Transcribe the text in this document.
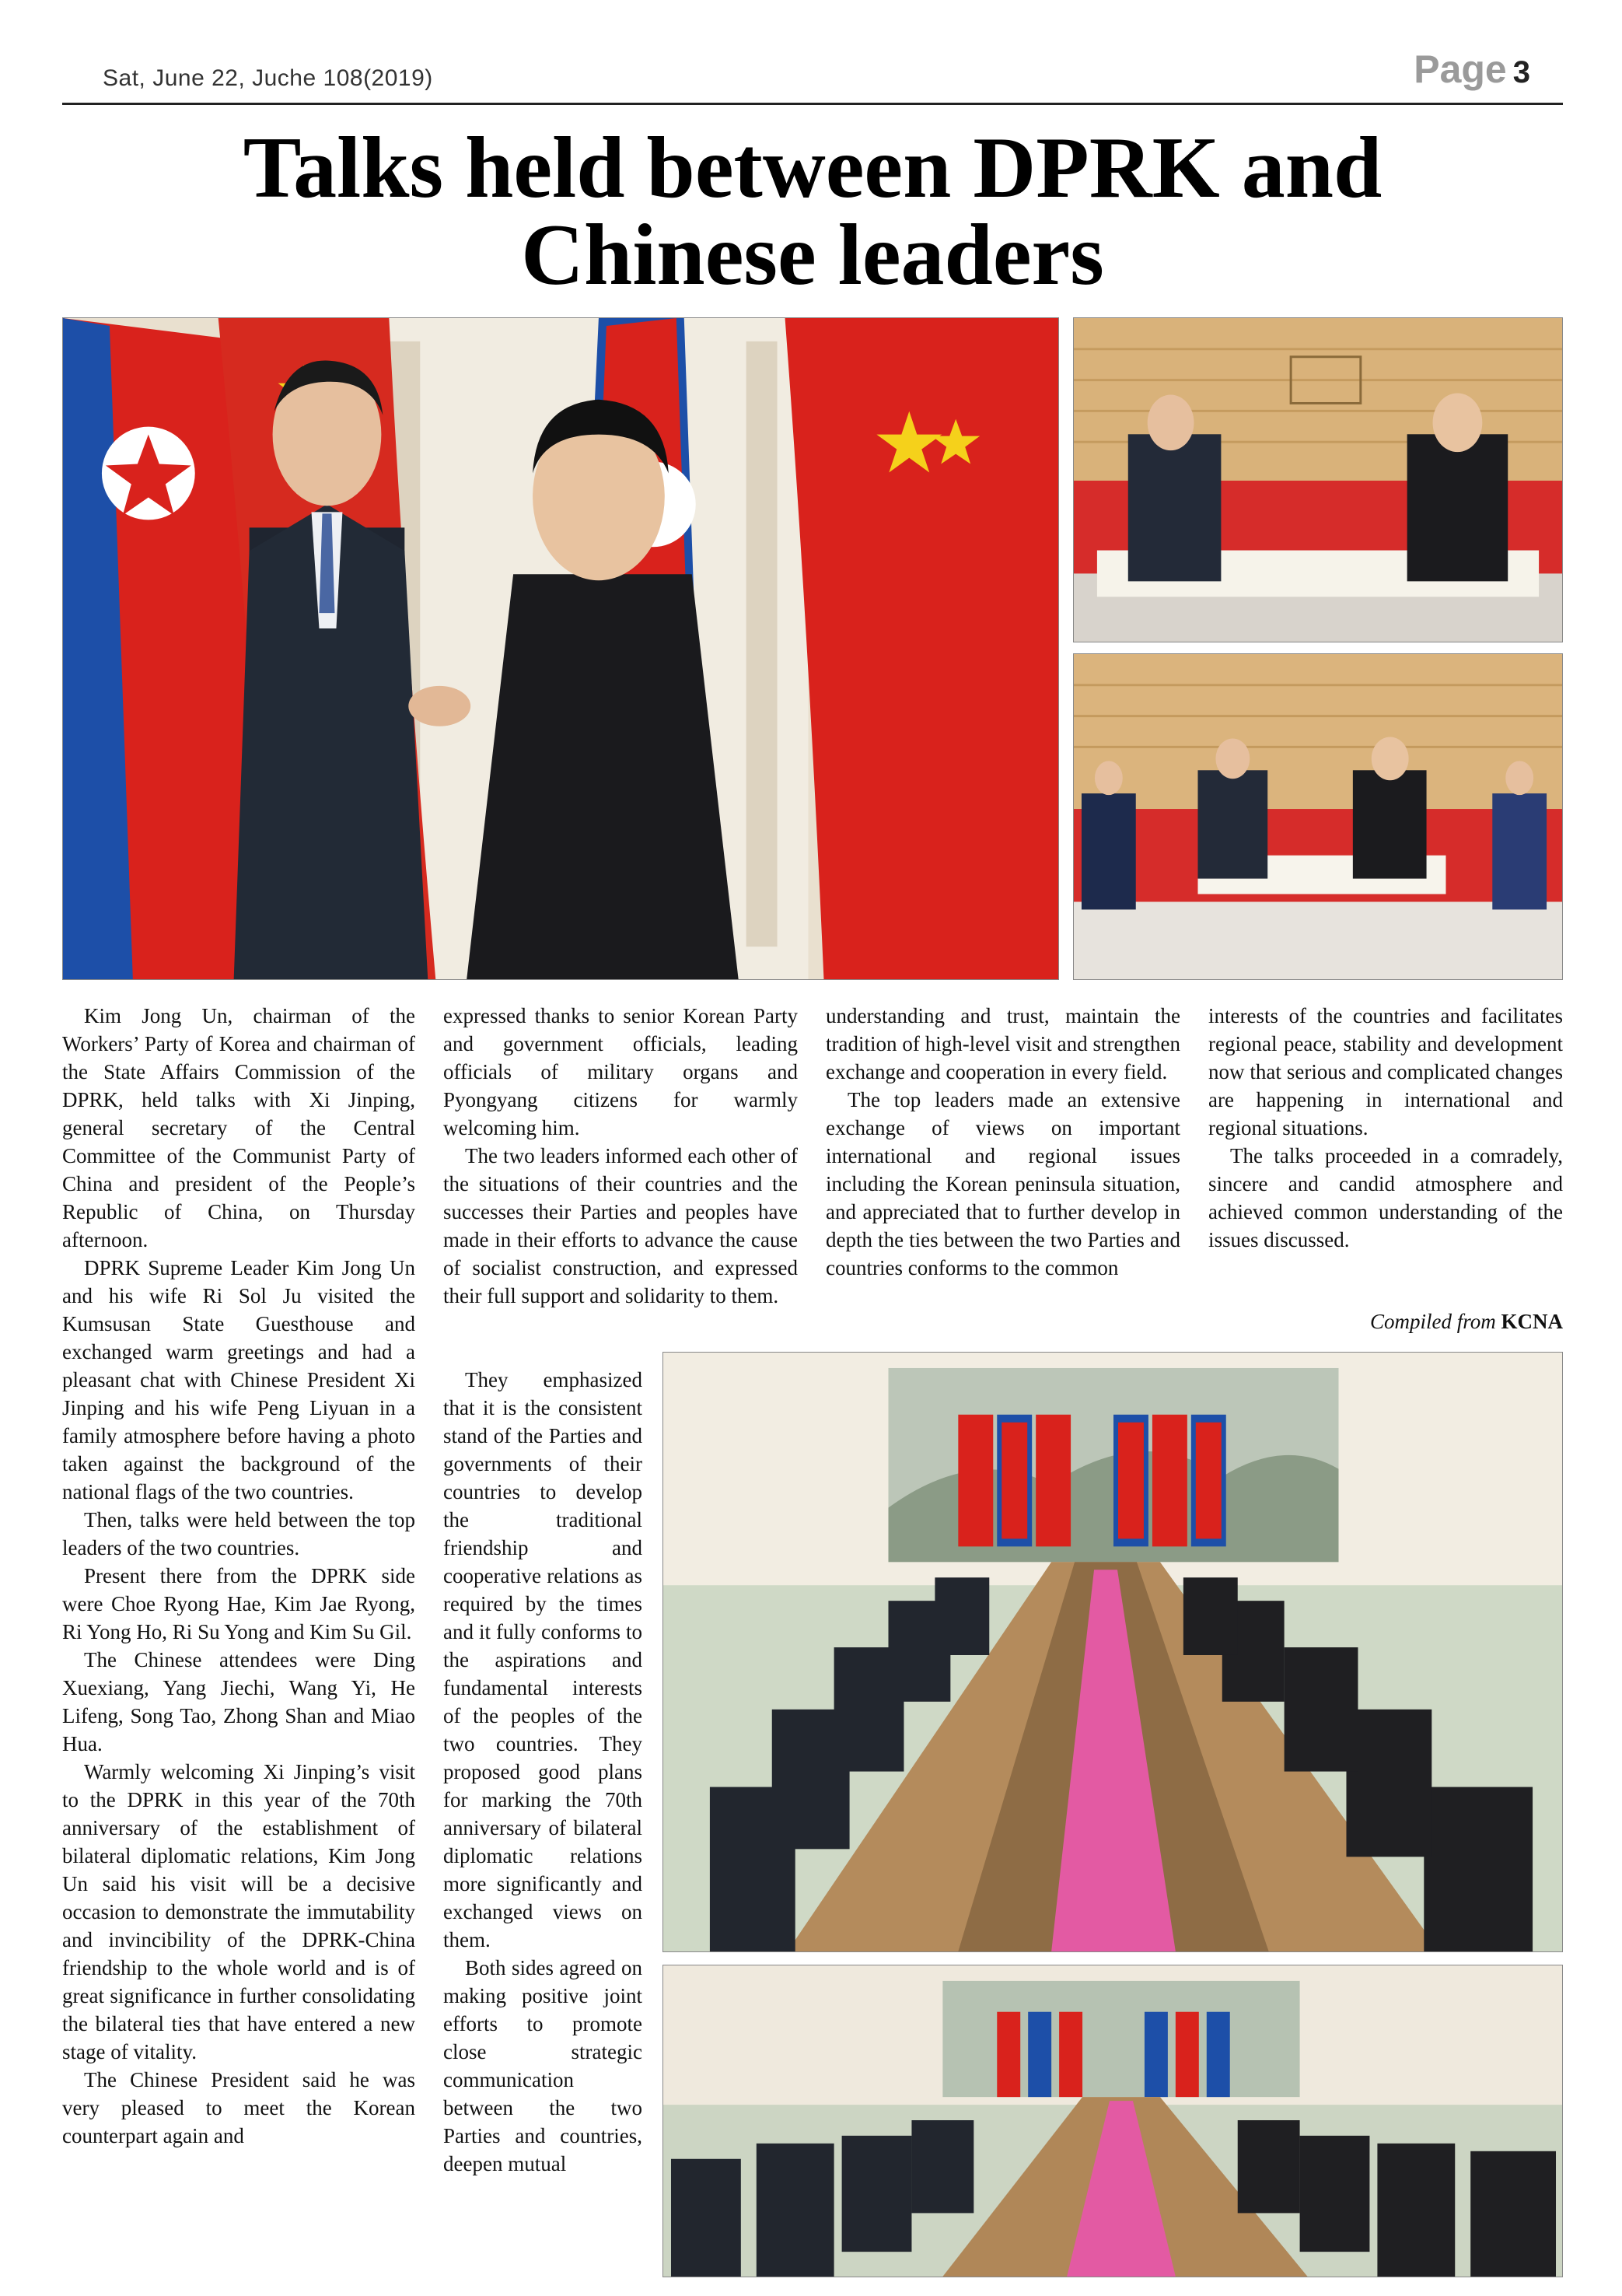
Sat, June 22, Juche 108(2019)	Page 3
Talks held between DPRK and
Chinese leaders

Kim Jong Un, chairman of the Workers’ Party of Korea and chairman of the State Affairs Commission of the DPRK, held talks with Xi Jinping, general secretary of the Central Committee of the Communist Party of China and president of the People’s Republic of China, on Thursday afternoon.

DPRK Supreme Leader Kim Jong Un and his wife Ri Sol Ju visited the Kumsusan State Guesthouse and exchanged warm greetings and had a pleasant chat with Chinese President Xi Jinping and his wife Peng Liyuan in a family atmosphere before having a photo taken against the background of the national flags of the two countries.

Then, talks were held between the top leaders of the two countries.

Present there from the DPRK side were Choe Ryong Hae, Kim Jae Ryong, Ri Yong Ho, Ri Su Yong and Kim Su Gil.

The Chinese attendees were Ding Xuexiang, Yang Jiechi, Wang Yi, He Lifeng, Song Tao, Zhong Shan and Miao Hua.

Warmly welcoming Xi Jinping’s visit to the DPRK in this year of the 70th anniversary of the establishment of bilateral diplomatic relations, Kim Jong Un said his visit will be a decisive occasion to demonstrate the immutability and invincibility of the DPRK-China friendship to the whole world and is of great significance in further consolidating the bilateral ties that have entered a new stage of vitality.

The Chinese President said he was very pleased to meet the Korean counterpart again and

expressed thanks to senior Korean Party and government officials, leading officials of military organs and Pyongyang citizens for warmly welcoming him.

The two leaders informed each other of the situations of their countries and the successes their Parties and peoples have made in their efforts to advance the cause of socialist construction, and expressed their full support and solidarity to them.

They emphasized that it is the consistent stand of the Parties and governments of their countries to develop the traditional friendship and cooperative relations as required by the times and it fully conforms to the aspirations and fundamental interests of the peoples of the two countries. They proposed good plans for marking the 70th anniversary of bilateral diplomatic relations more significantly and exchanged views on them.

Both sides agreed on making positive joint efforts to promote close strategic communication between the two Parties and countries, deepen mutual

understanding and trust, maintain the tradition of high-level visit and strengthen exchange and cooperation in every field.

The top leaders made an extensive exchange of views on important international and regional issues including the Korean peninsula situation, and appreciated that to further develop in depth the ties between the two Parties and countries conforms to the common

interests of the countries and facilitates regional peace, stability and development now that serious and complicated changes are happening in international and regional situations.

The talks proceeded in a comradely, sincere and candid atmosphere and achieved common understanding of the issues discussed.

Compiled from KCNA
